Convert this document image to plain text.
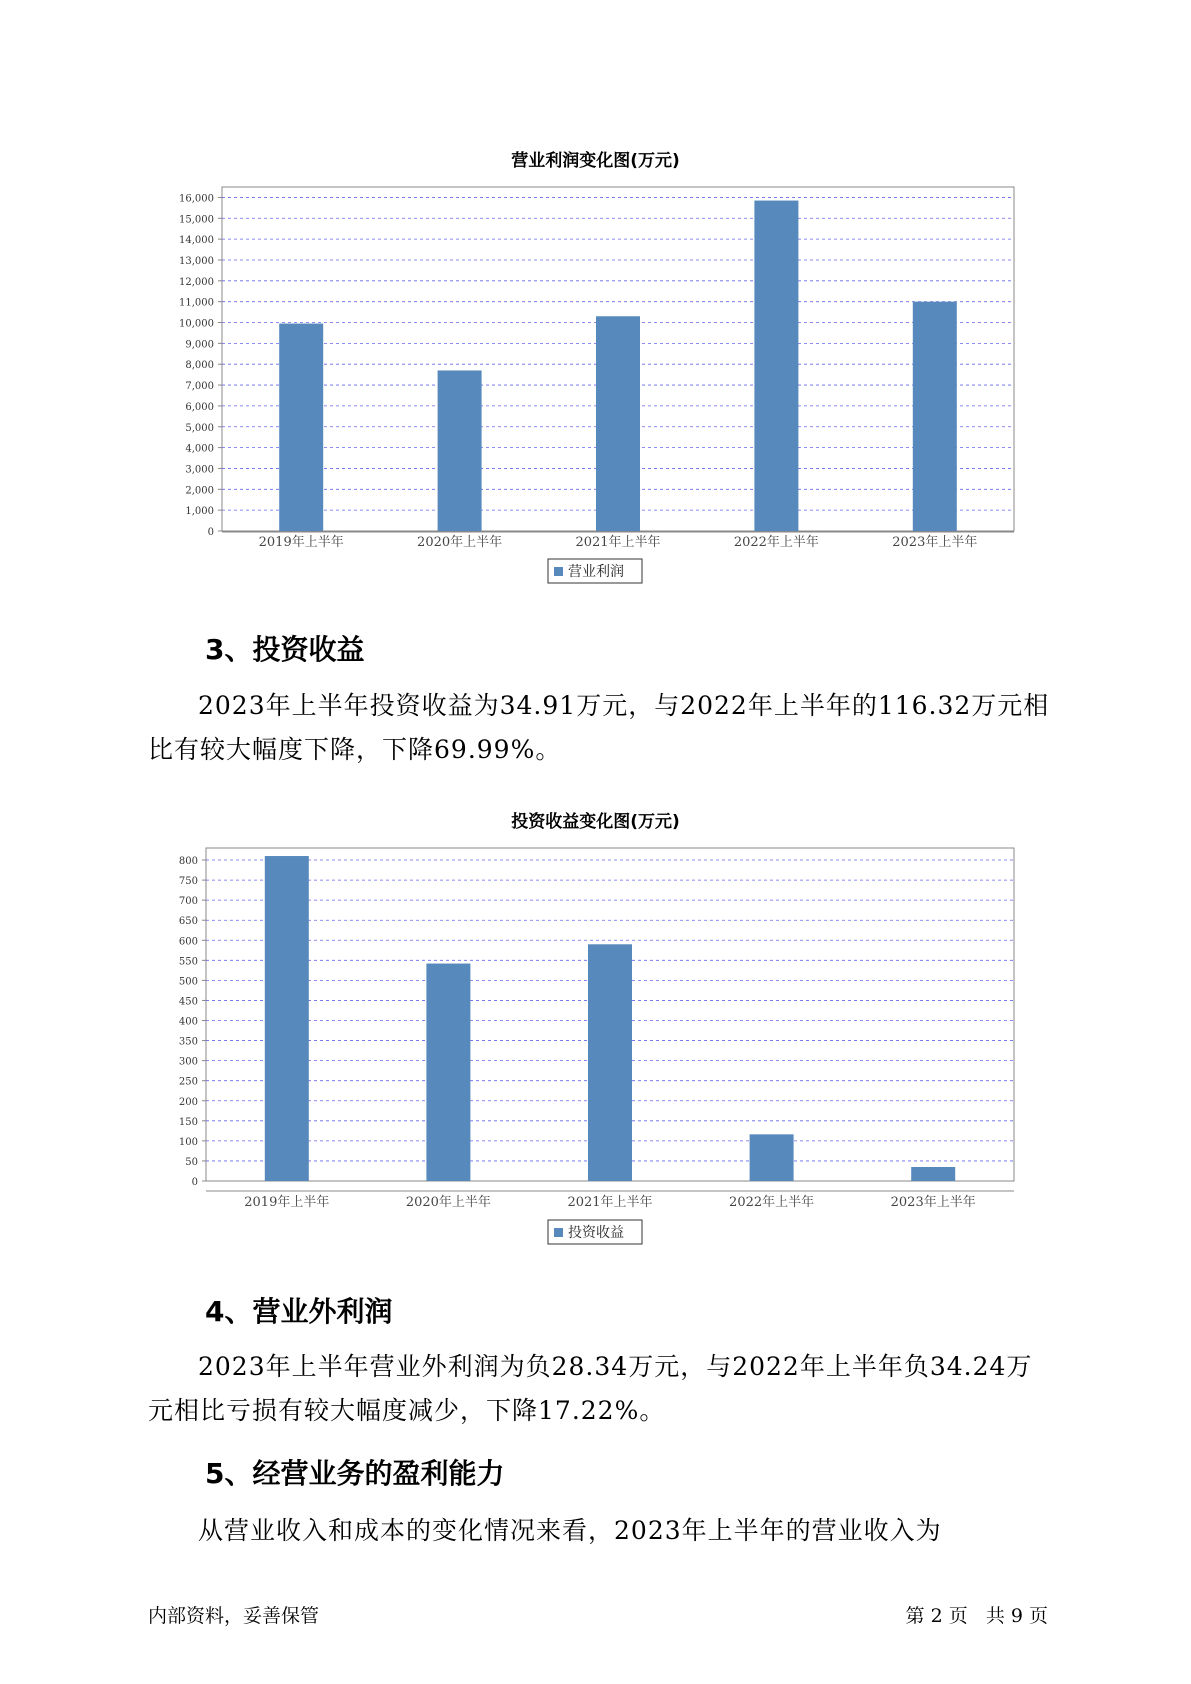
营业利润变化图(万元)
0
1,000
2,000
3,000
4,000
5,000
6,000
7,000
8,000
9,000
10,000
11,000
12,000
13,000
14,000
15,000
16,000
2019年上半年	2020年上半年	2021年上半年	2022年上半年	2023年上半年
营业利润
3、投资收益
2023年上半年投资收益为34.91万元，与2022年上半年的116.32万元相比有较大幅度下降，下降69.99%。
投资收益变化图(万元)
0
50
100
150
200
250
300
350
400
450
500
550
600
650
700
750
800
2019年上半年	2020年上半年	2021年上半年	2022年上半年	2023年上半年
投资收益
4、营业外利润
2023年上半年营业外利润为负28.34万元，与2022年上半年负34.24万元相比亏损有较大幅度减少，下降17.22%。
5、经营业务的盈利能力
从营业收入和成本的变化情况来看，2023年上半年的营业收入为
内部资料，妥善保管	第 2 页   共 9 页
